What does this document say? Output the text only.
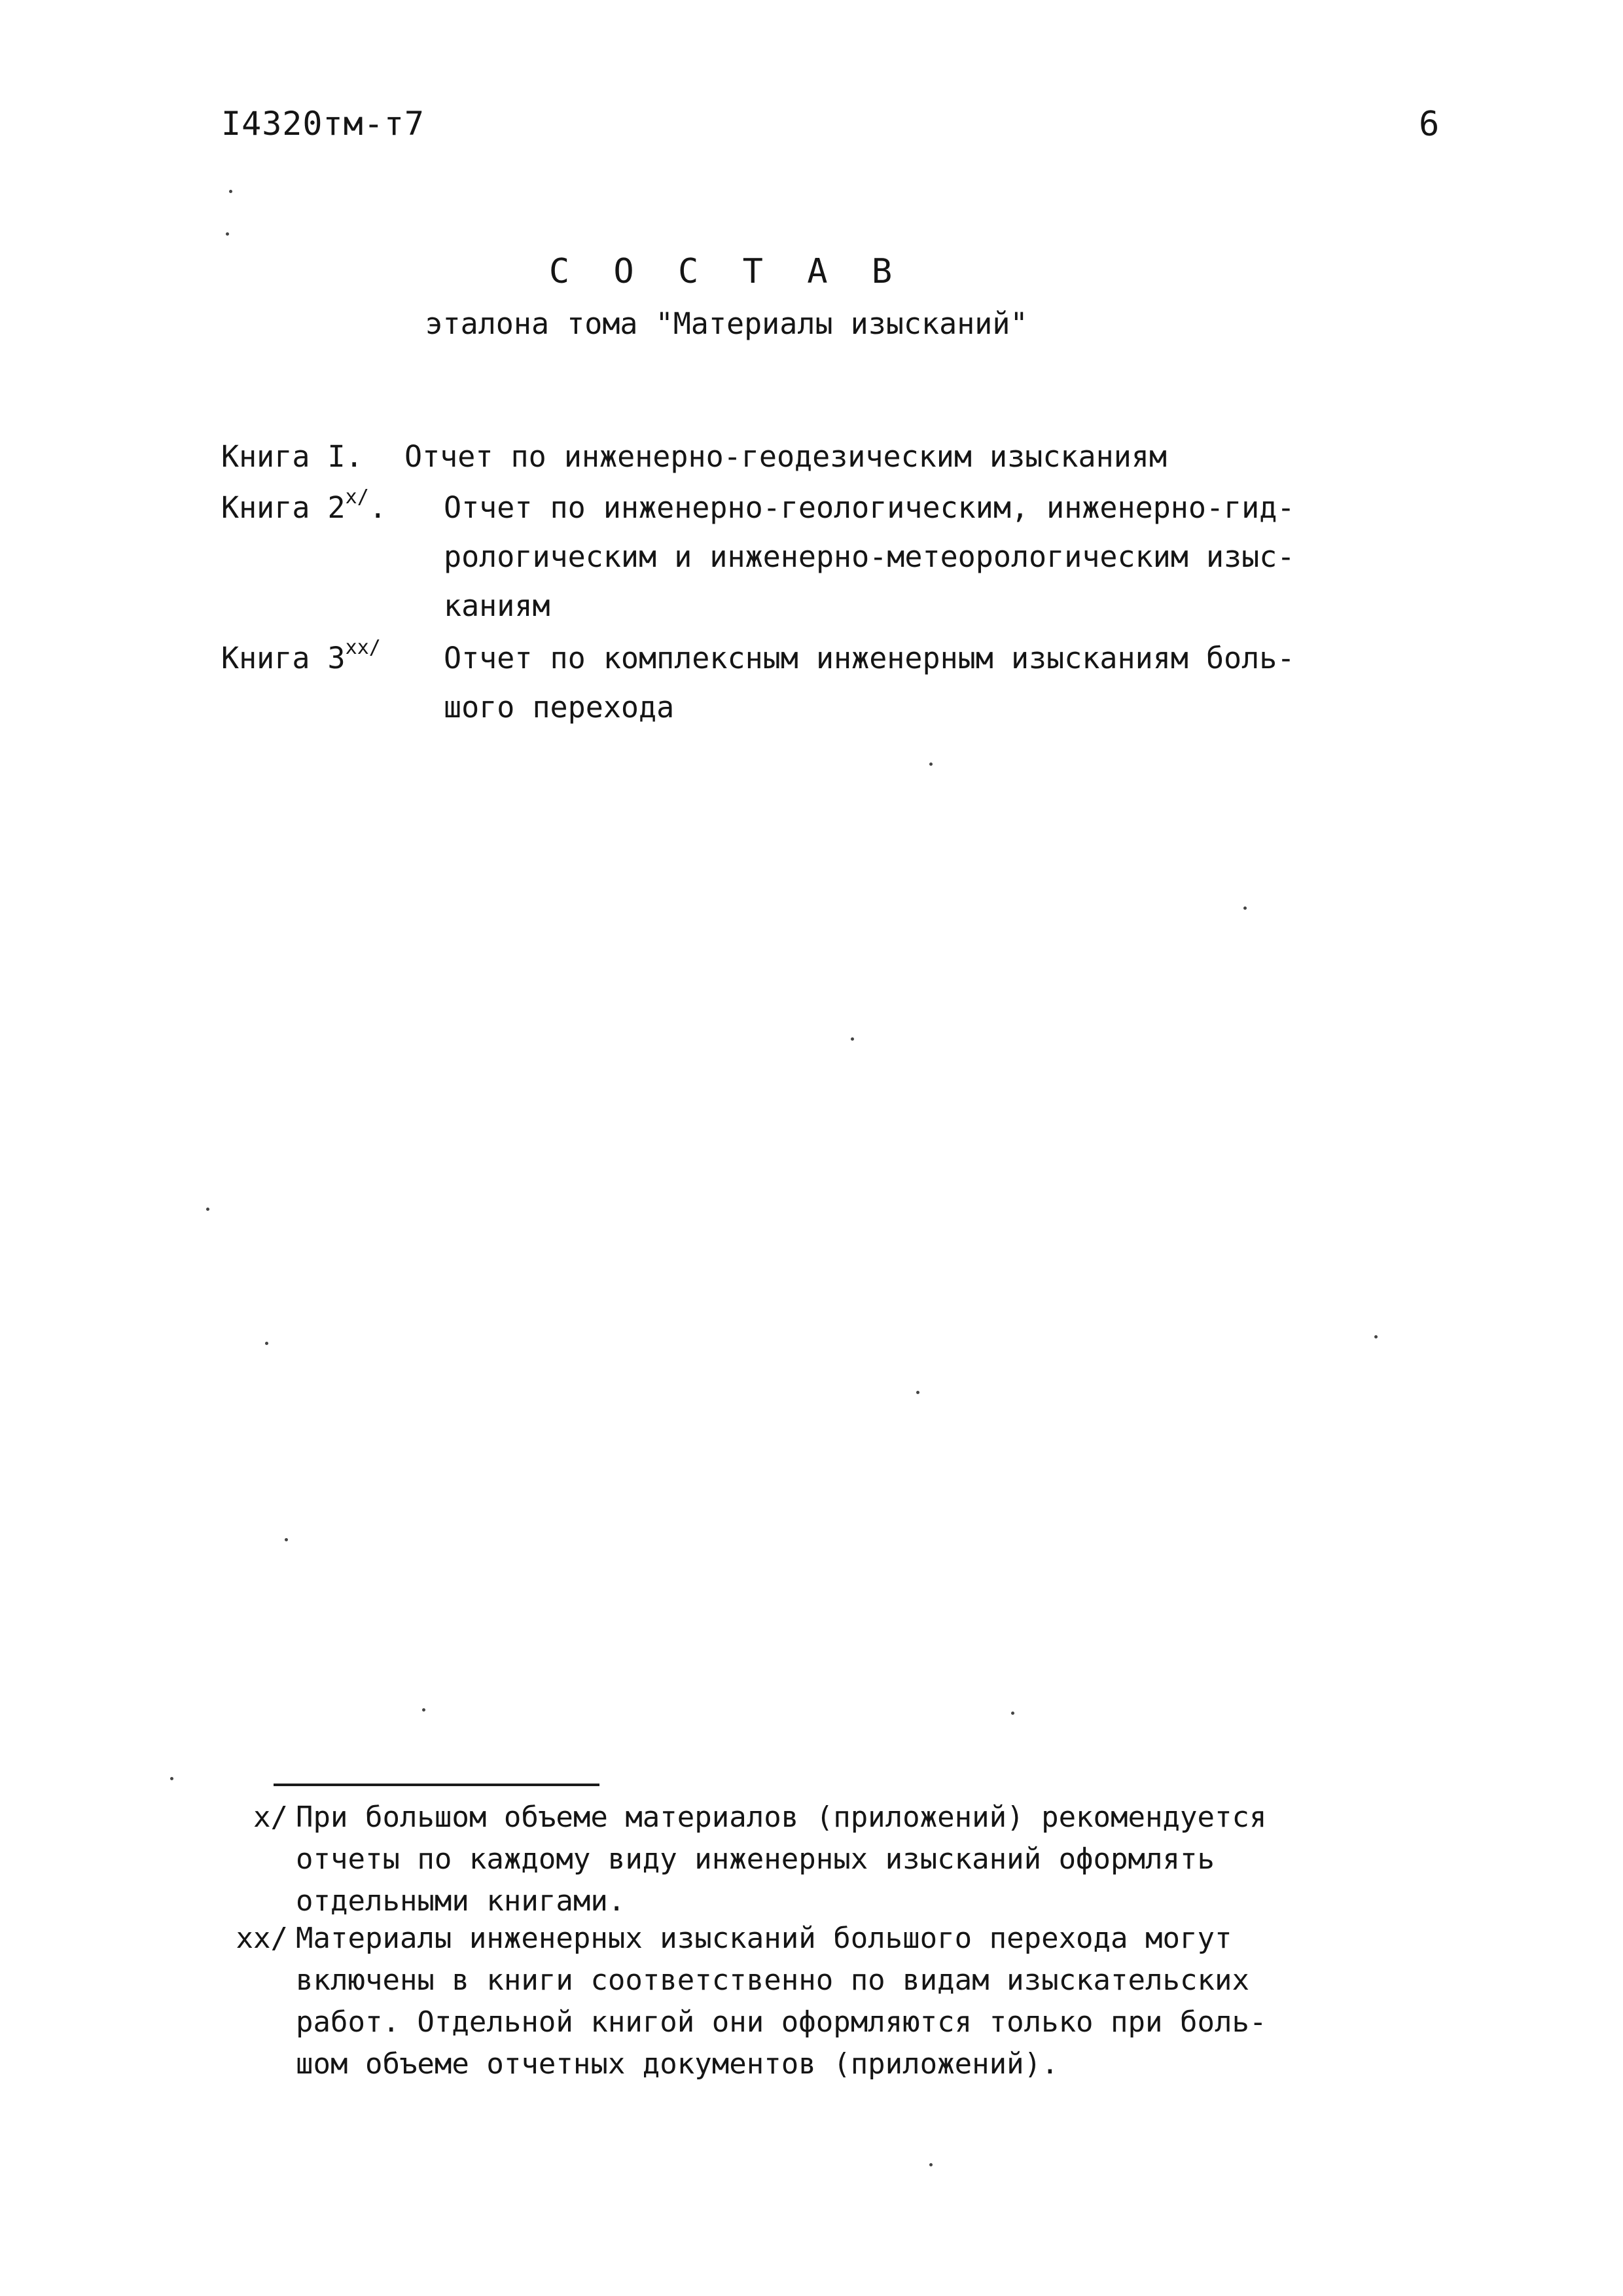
I4320тм-т7	6
С О С Т А В
эталона тома "Материалы изысканий"
Книга I. Отчет по инженерно-геодезическим изысканиям
Книга $2^{x/}$. Отчет по инженерно-геологическим, инженерно-гид-
рологическим и инженерно-метеорологическим изыс-
каниям
Книга $3^{xx/}$ Отчет по комплексным инженерным изысканиям боль-
шого перехода
x/ При большом объеме материалов (приложений) рекомендуется
отчеты по каждому виду инженерных изысканий оформлять
отдельными книгами.
xx/ Материалы инженерных изысканий большого перехода могут
включены в книги соответственно по видам изыскательских
работ. Отдельной книгой они оформляются только при боль-
шом объеме отчетных документов (приложений).
